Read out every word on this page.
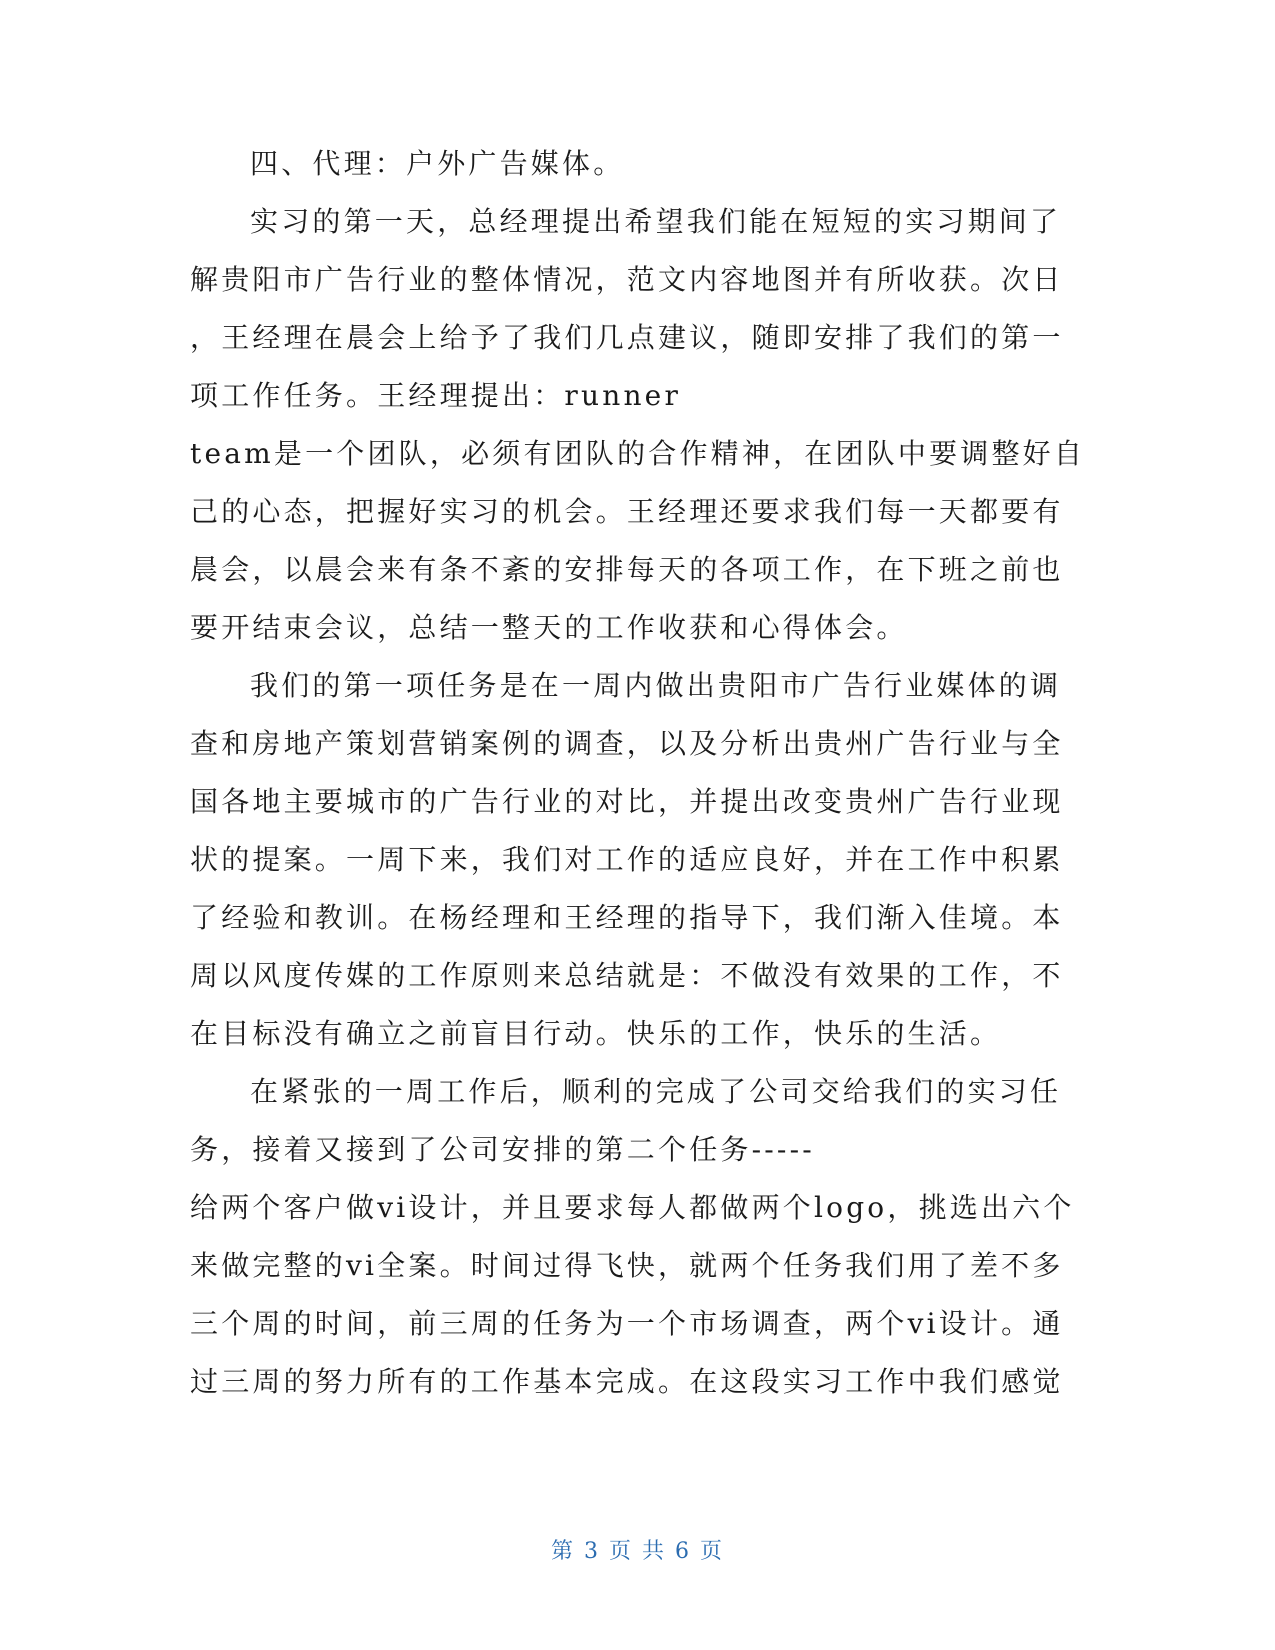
四、代理：户外广告媒体。
实习的第一天，总经理提出希望我们能在短短的实习期间了
解贵阳市广告行业的整体情况，范文内容地图并有所收获。次日
，王经理在晨会上给予了我们几点建议，随即安排了我们的第一
项工作任务。王经理提出：runner
team是一个团队，必须有团队的合作精神，在团队中要调整好自
己的心态，把握好实习的机会。王经理还要求我们每一天都要有
晨会，以晨会来有条不紊的安排每天的各项工作，在下班之前也
要开结束会议，总结一整天的工作收获和心得体会。
我们的第一项任务是在一周内做出贵阳市广告行业媒体的调
查和房地产策划营销案例的调查，以及分析出贵州广告行业与全
国各地主要城市的广告行业的对比，并提出改变贵州广告行业现
状的提案。一周下来，我们对工作的适应良好，并在工作中积累
了经验和教训。在杨经理和王经理的指导下，我们渐入佳境。本
周以风度传媒的工作原则来总结就是：不做没有效果的工作，不
在目标没有确立之前盲目行动。快乐的工作，快乐的生活。
在紧张的一周工作后，顺利的完成了公司交给我们的实习任
务，接着又接到了公司安排的第二个任务-----
给两个客户做vi设计，并且要求每人都做两个logo，挑选出六个
来做完整的vi全案。时间过得飞快，就两个任务我们用了差不多
三个周的时间，前三周的任务为一个市场调查，两个vi设计。通
过三周的努力所有的工作基本完成。在这段实习工作中我们感觉
第 3 页 共 6 页
